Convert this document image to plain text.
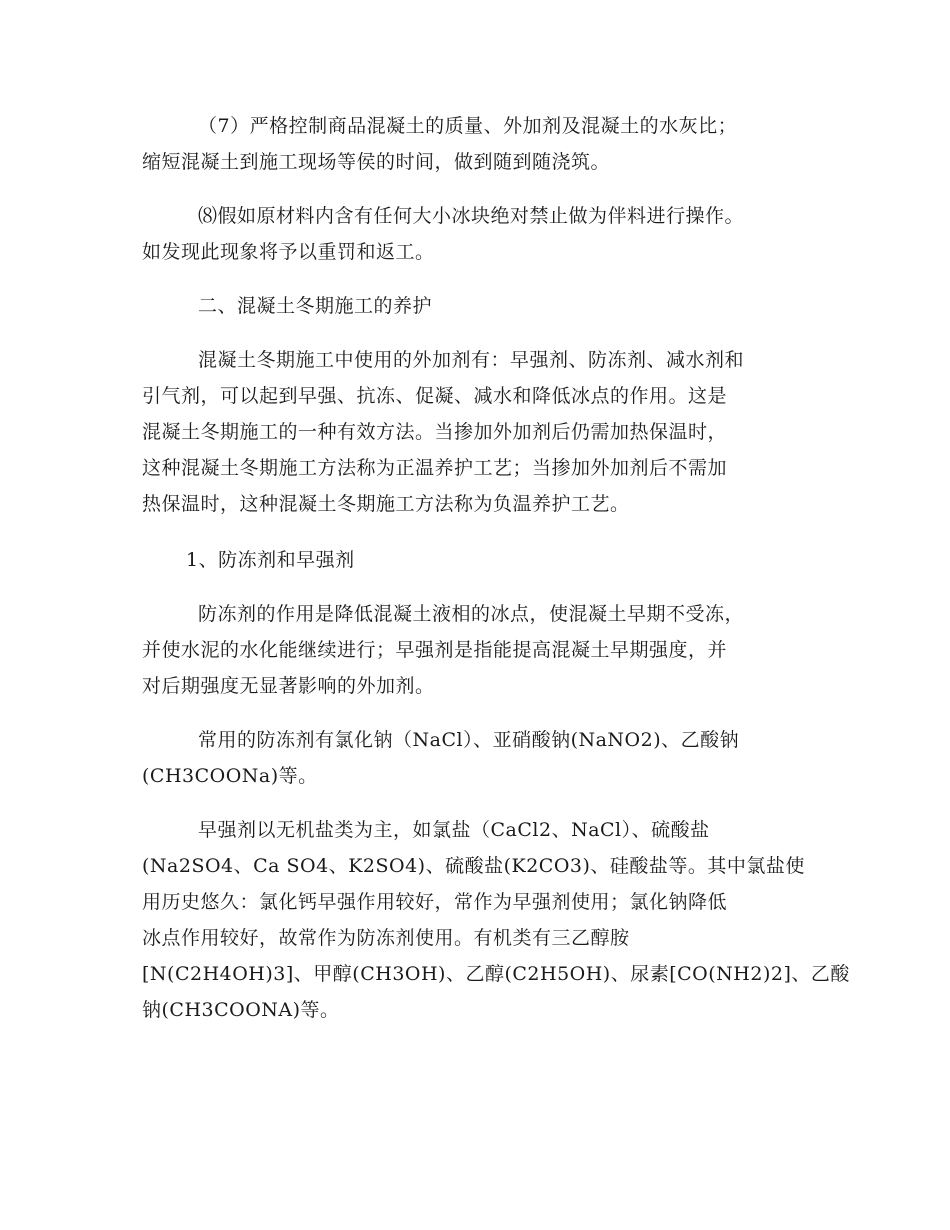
（7）严格控制商品混凝土的质量、外加剂及混凝土的水灰比；
缩短混凝土到施工现场等侯的时间，做到随到随浇筑。
⑻假如原材料内含有任何大小冰块绝对禁止做为伴料进行操作。
如发现此现象将予以重罚和返工。
二、混凝土冬期施工的养护
混凝土冬期施工中使用的外加剂有：早强剂、防冻剂、减水剂和
引气剂，可以起到早强、抗冻、促凝、减水和降低冰点的作用。这是
混凝土冬期施工的一种有效方法。当掺加外加剂后仍需加热保温时，
这种混凝土冬期施工方法称为正温养护工艺；当掺加外加剂后不需加
热保温时，这种混凝土冬期施工方法称为负温养护工艺。
1、防冻剂和早强剂
防冻剂的作用是降低混凝土液相的冰点，使混凝土早期不受冻，
并使水泥的水化能继续进行；早强剂是指能提高混凝土早期强度，并
对后期强度无显著影响的外加剂。
常用的防冻剂有氯化钠（NaCl）、亚硝酸钠(NaNO2)、乙酸钠
(CH3COONa)等。
早强剂以无机盐类为主，如氯盐（CaCl2、NaCl）、硫酸盐
(Na2SO4、Ca SO4、K2SO4)、硫酸盐(K2CO3)、硅酸盐等。其中氯盐使
用历史悠久：氯化钙早强作用较好，常作为早强剂使用；氯化钠降低
冰点作用较好，故常作为防冻剂使用。有机类有三乙醇胺
[N(C2H4OH)3]、甲醇(CH3OH)、乙醇(C2H5OH)、尿素[CO(NH2)2]、乙酸
钠(CH3COONA)等。
